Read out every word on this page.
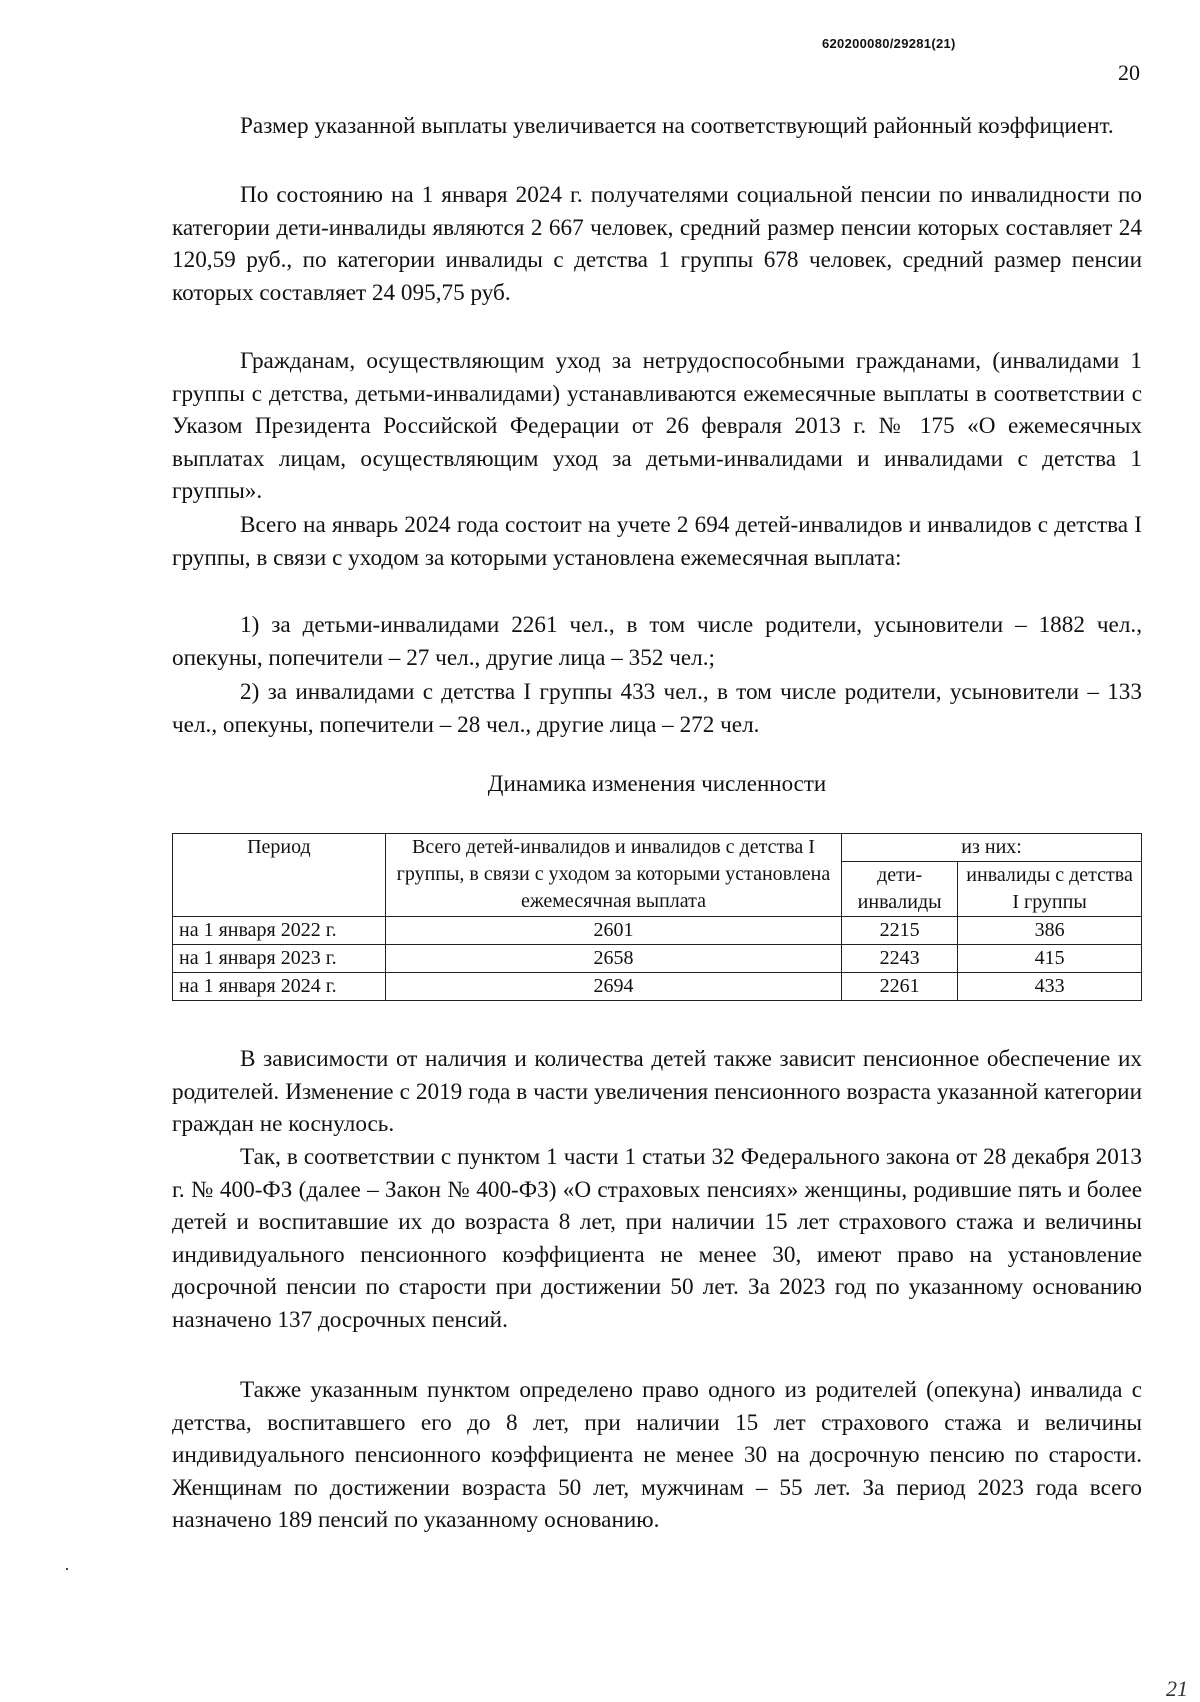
620200080/29281(21)
20

Размер указанной выплаты увеличивается на соответствующий районный коэффициент.

По состоянию на 1 января 2024 г. получателями социальной пенсии по инвалидности по категории дети-инвалиды являются 2 667 человек, средний размер пенсии которых составляет 24 120,59 руб., по категории инвалиды с детства 1 группы 678 человек, средний размер пенсии которых составляет 24 095,75 руб.

Гражданам, осуществляющим уход за нетрудоспособными гражданами, (инвалидами 1 группы с детства, детьми-инвалидами) устанавливаются ежемесячные выплаты в соответствии с Указом Президента Российской Федерации от 26 февраля 2013 г. № 175 «О ежемесячных выплатах лицам, осуществляющим уход за детьми-инвалидами и инвалидами с детства 1 группы».

Всего на январь 2024 года состоит на учете 2 694 детей-инвалидов и инвалидов с детства I группы, в связи с уходом за которыми установлена ежемесячная выплата:

1) за детьми-инвалидами 2261 чел., в том числе родители, усыновители – 1882 чел., опекуны, попечители – 27 чел., другие лица – 352 чел.;

2) за инвалидами с детства I группы 433 чел., в том числе родители, усыновители – 133 чел., опекуны, попечители – 28 чел., другие лица – 272 чел.

Динамика изменения численности
Период	Всего детей-инвалидов и инвалидов с детства I группы, в связи с уходом за которыми установлена ежемесячная выплата	из них:	
		дети-инвалиды	инвалиды с детства I группы
на 1 января 2022 г.	2601	2215	386
на 1 января 2023 г.	2658	2243	415
на 1 января 2024 г.	2694	2261	433

В зависимости от наличия и количества детей также зависит пенсионное обеспечение их родителей. Изменение с 2019 года в части увеличения пенсионного возраста указанной категории граждан не коснулось.

Так, в соответствии с пунктом 1 части 1 статьи 32 Федерального закона от 28 декабря 2013 г. № 400-ФЗ (далее – Закон № 400-ФЗ) «О страховых пенсиях» женщины, родившие пять и более детей и воспитавшие их до возраста 8 лет, при наличии 15 лет страхового стажа и величины индивидуального пенсионного коэффициента не менее 30, имеют право на установление досрочной пенсии по старости при достижении 50 лет. За 2023 год по указанному основанию назначено 137 досрочных пенсий.

Также указанным пунктом определено право одного из родителей (опекуна) инвалида с детства, воспитавшего его до 8 лет, при наличии 15 лет страхового стажа и величины индивидуального пенсионного коэффициента не менее 30 на досрочную пенсию по старости. Женщинам по достижении возраста 50 лет, мужчинам – 55 лет. За период 2023 года всего назначено 189 пенсий по указанному основанию.

21
